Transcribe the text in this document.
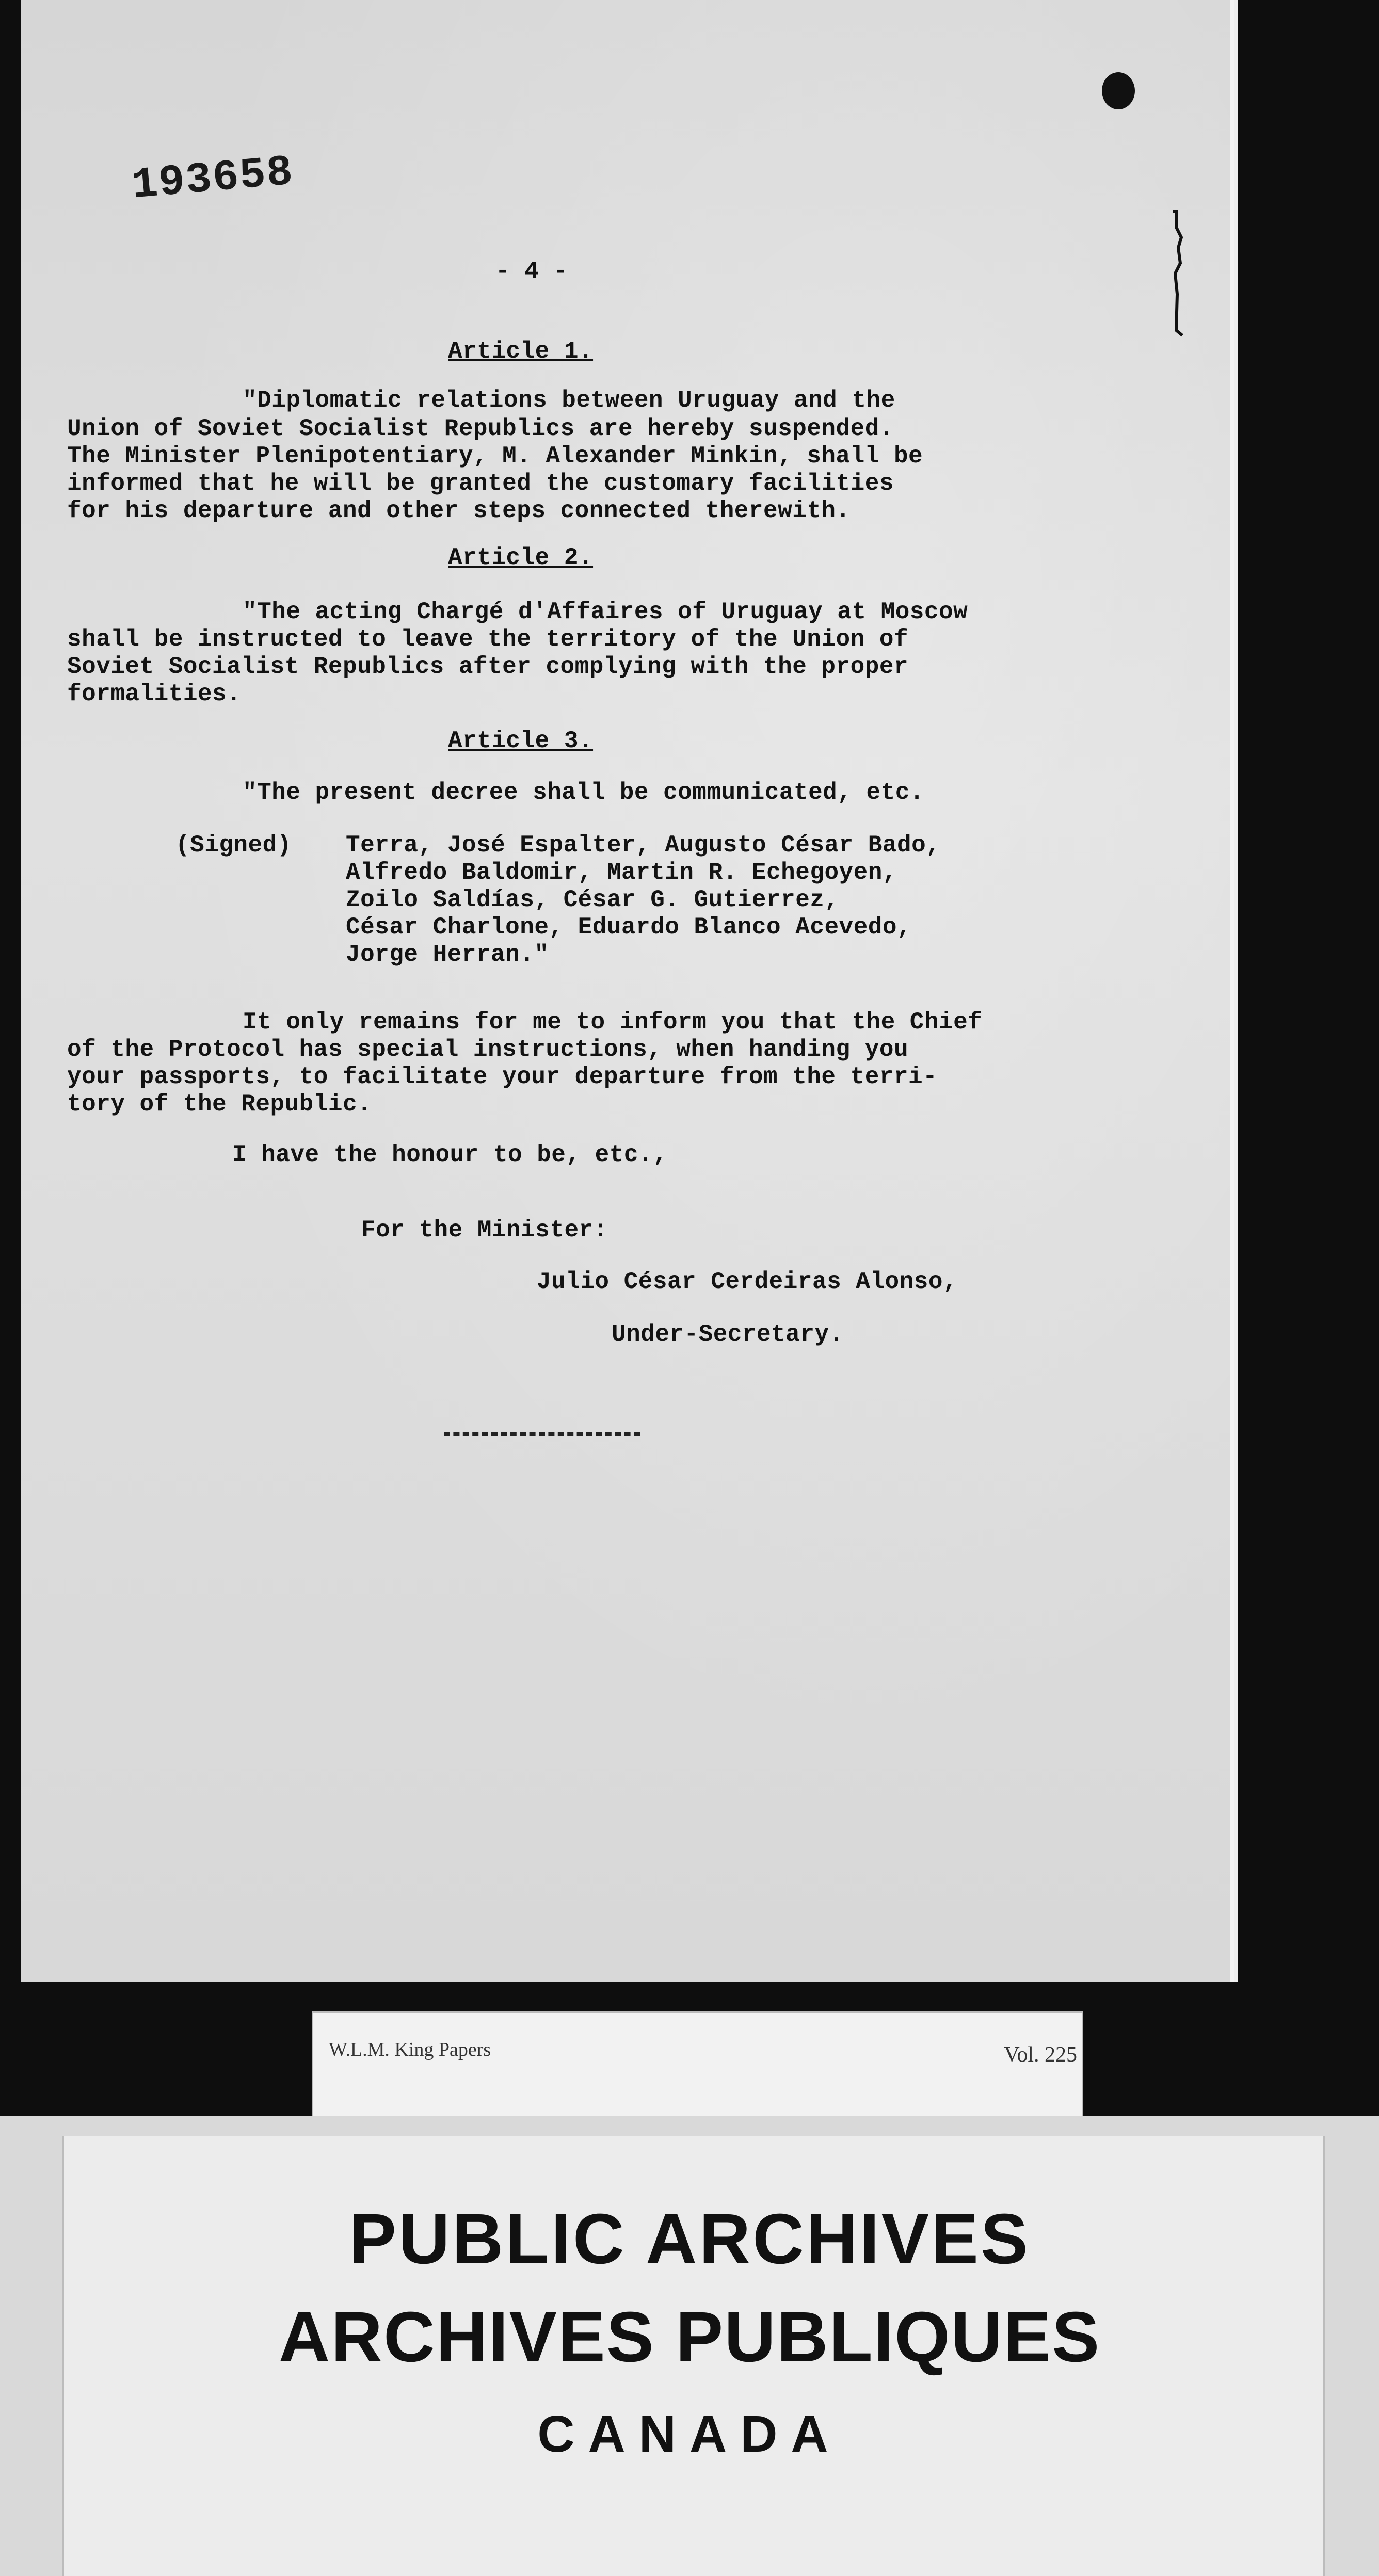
193658
- 4 -
Article 1.
"Diplomatic relations between Uruguay and the
Union of Soviet Socialist Republics are hereby suspended.
The Minister Plenipotentiary, M. Alexander Minkin, shall be
informed that he will be granted the customary facilities
for his departure and other steps connected therewith.
Article 2.
"The acting Chargé d'Affaires of Uruguay at Moscow
shall be instructed to leave the territory of the Union of
Soviet Socialist Republics after complying with the proper
formalities.
Article 3.
"The present decree shall be communicated, etc.
(Signed) Terra, José Espalter, Augusto César Bado,
Alfredo Baldomir, Martin R. Echegoyen,
Zoilo Saldías, César G. Gutierrez,
César Charlone, Eduardo Blanco Acevedo,
Jorge Herran."
It only remains for me to inform you that the Chief
of the Protocol has special instructions, when handing you
your passports, to facilitate your departure from the terri-
tory of the Republic.
I have the honour to be, etc.,
For the Minister:
Julio César Cerdeiras Alonso,
Under-Secretary.
W.L.M. King Papers	Vol. 225
PUBLIC ARCHIVES
ARCHIVES PUBLIQUES
CANADA
